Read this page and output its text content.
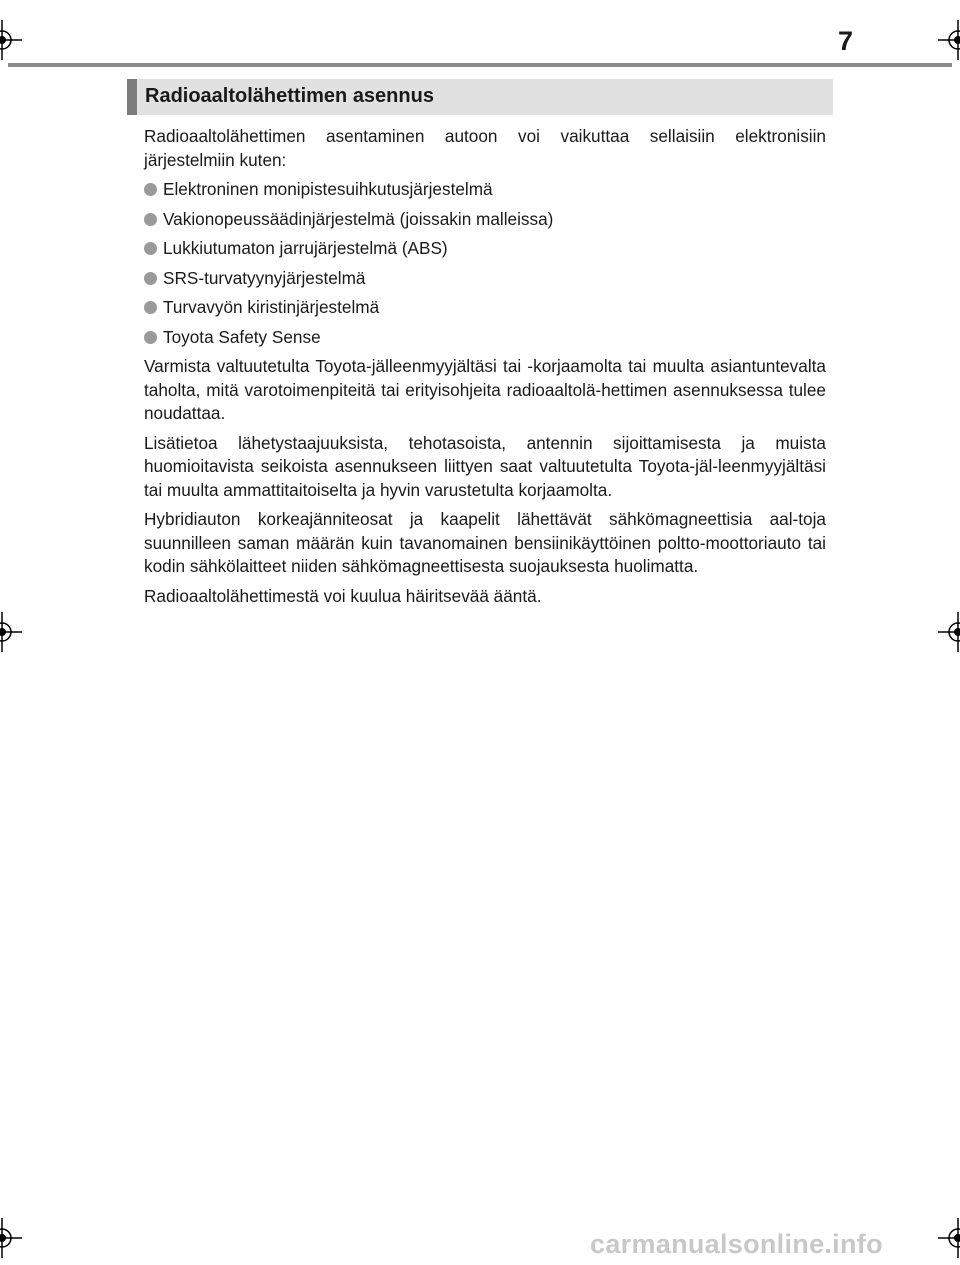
7
Radioaaltolähettimen asennus

Radioaaltolähettimen asentaminen autoon voi vaikuttaa sellaisiin elektronisiin järjestelmiin kuten:

Elektroninen monipistesuihkutusjärjestelmä
Vakionopeussäädinjärjestelmä (joissakin malleissa)
Lukkiutumaton jarrujärjestelmä (ABS)
SRS-turvatyynyjärjestelmä
Turvavyön kiristinjärjestelmä
Toyota Safety Sense

Varmista valtuutetulta Toyota-jälleenmyyjältäsi tai -korjaamolta tai muulta asiantuntevalta taholta, mitä varotoimenpiteitä tai erityisohjeita radioaaltolä-hettimen asennuksessa tulee noudattaa.

Lisätietoa lähetystaajuuksista, tehotasoista, antennin sijoittamisesta ja muista huomioitavista seikoista asennukseen liittyen saat valtuutetulta Toyota-jäl-leenmyyjältäsi tai muulta ammattitaitoiselta ja hyvin varustetulta korjaamolta.

Hybridiauton korkeajänniteosat ja kaapelit lähettävät sähkömagneettisia aal-toja suunnilleen saman määrän kuin tavanomainen bensiinikäyttöinen poltto-moottoriauto tai kodin sähkölaitteet niiden sähkömagneettisesta suojauksesta huolimatta.

Radioaaltolähettimestä voi kuulua häiritsevää ääntä.

carmanualsonline.info
